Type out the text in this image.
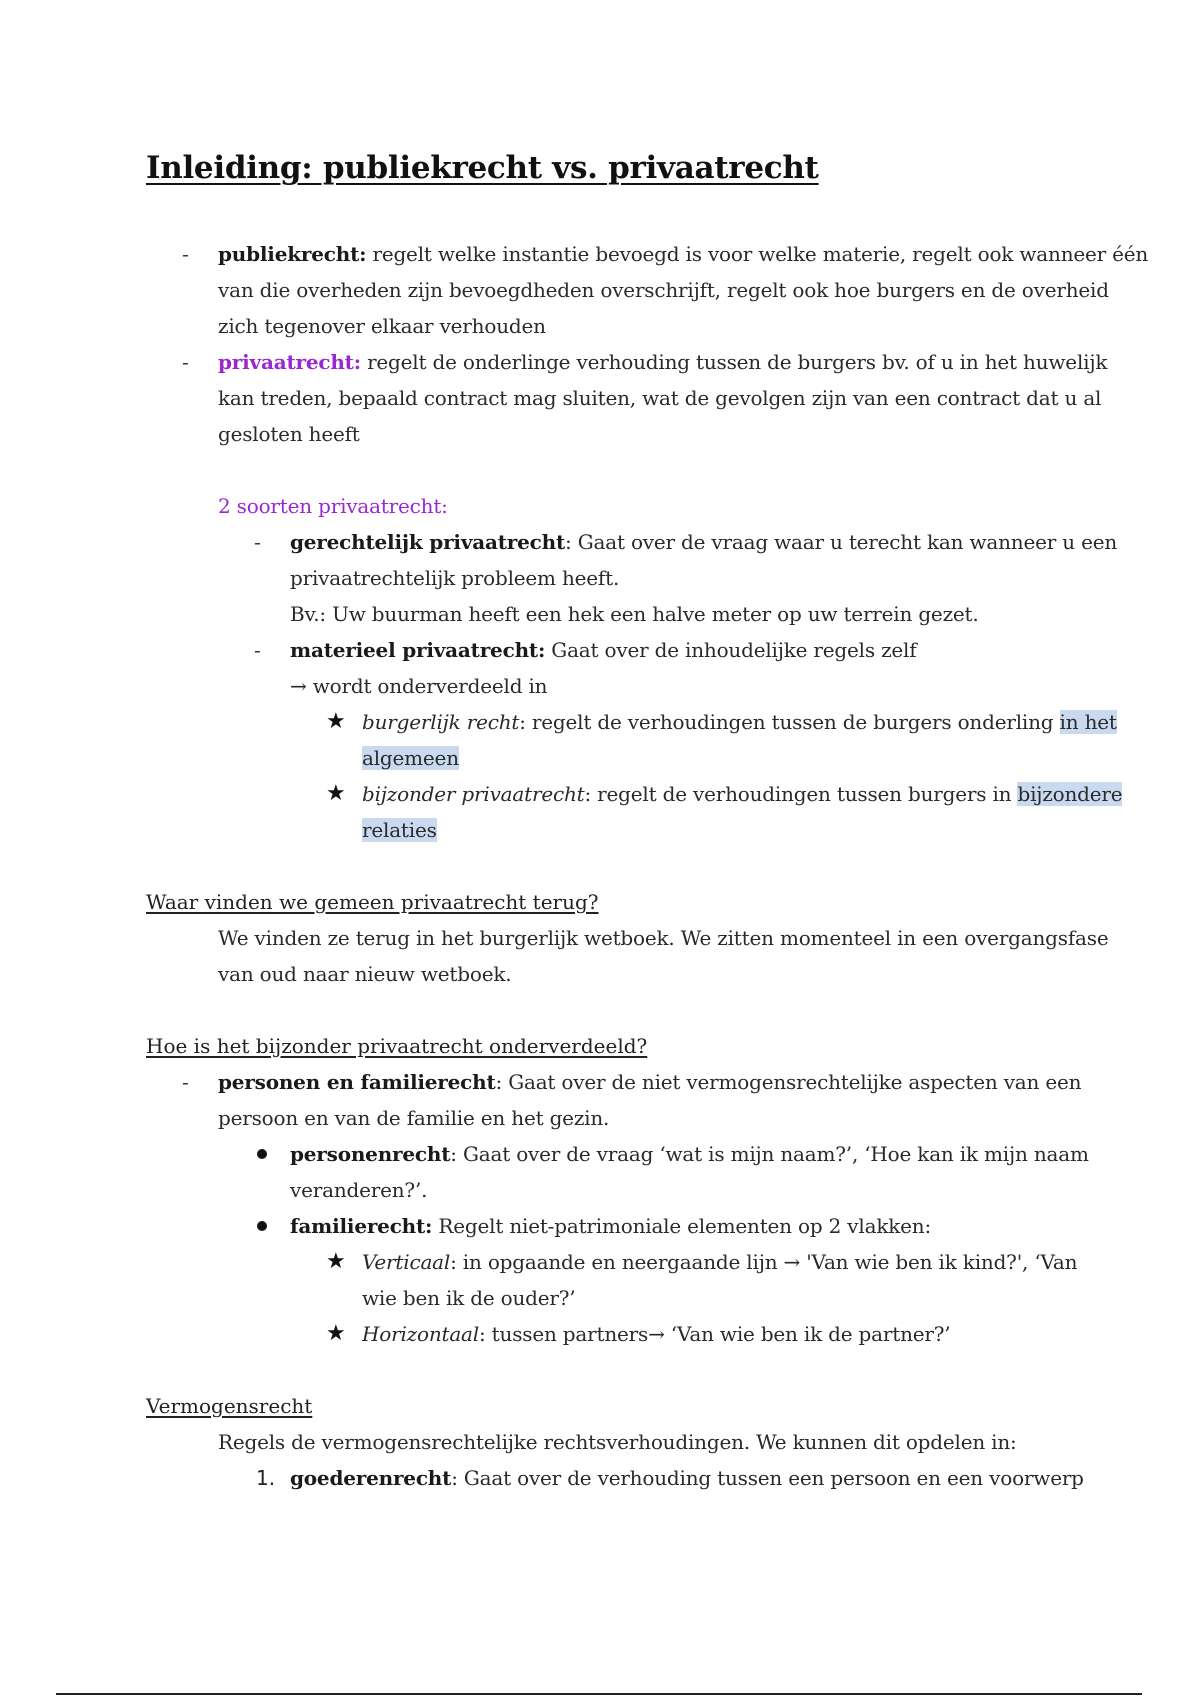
Inleiding: publiekrecht vs. privaatrecht
- publiekrecht: regelt welke instantie bevoegd is voor welke materie, regelt ook wanneer één
van die overheden zijn bevoegdheden overschrijft, regelt ook hoe burgers en de overheid
zich tegenover elkaar verhouden
- privaatrecht: regelt de onderlinge verhouding tussen de burgers bv. of u in het huwelijk
kan treden, bepaald contract mag sluiten, wat de gevolgen zijn van een contract dat u al
gesloten heeft
2 soorten privaatrecht:
- gerechtelijk privaatrecht: Gaat over de vraag waar u terecht kan wanneer u een
privaatrechtelijk probleem heeft.
Bv.: Uw buurman heeft een hek een halve meter op uw terrein gezet.
- materieel privaatrecht: Gaat over de inhoudelijke regels zelf
→ wordt onderverdeeld in
★ burgerlijk recht: regelt de verhoudingen tussen de burgers onderling in het
algemeen
★ bijzonder privaatrecht: regelt de verhoudingen tussen burgers in bijzondere
relaties
Waar vinden we gemeen privaatrecht terug?
We vinden ze terug in het burgerlijk wetboek. We zitten momenteel in een overgangsfase
van oud naar nieuw wetboek.
Hoe is het bijzonder privaatrecht onderverdeeld?
- personen en familierecht: Gaat over de niet vermogensrechtelijke aspecten van een
persoon en van de familie en het gezin.
personenrecht: Gaat over de vraag ‘wat is mijn naam?’, ‘Hoe kan ik mijn naam
veranderen?’.
familierecht: Regelt niet-patrimoniale elementen op 2 vlakken:
★ Verticaal: in opgaande en neergaande lijn → 'Van wie ben ik kind?', ‘Van
wie ben ik de ouder?’
★ Horizontaal: tussen partners→ ‘Van wie ben ik de partner?’
Vermogensrecht
Regels de vermogensrechtelijke rechtsverhoudingen. We kunnen dit opdelen in:
1. goederenrecht: Gaat over de verhouding tussen een persoon en een voorwerp
